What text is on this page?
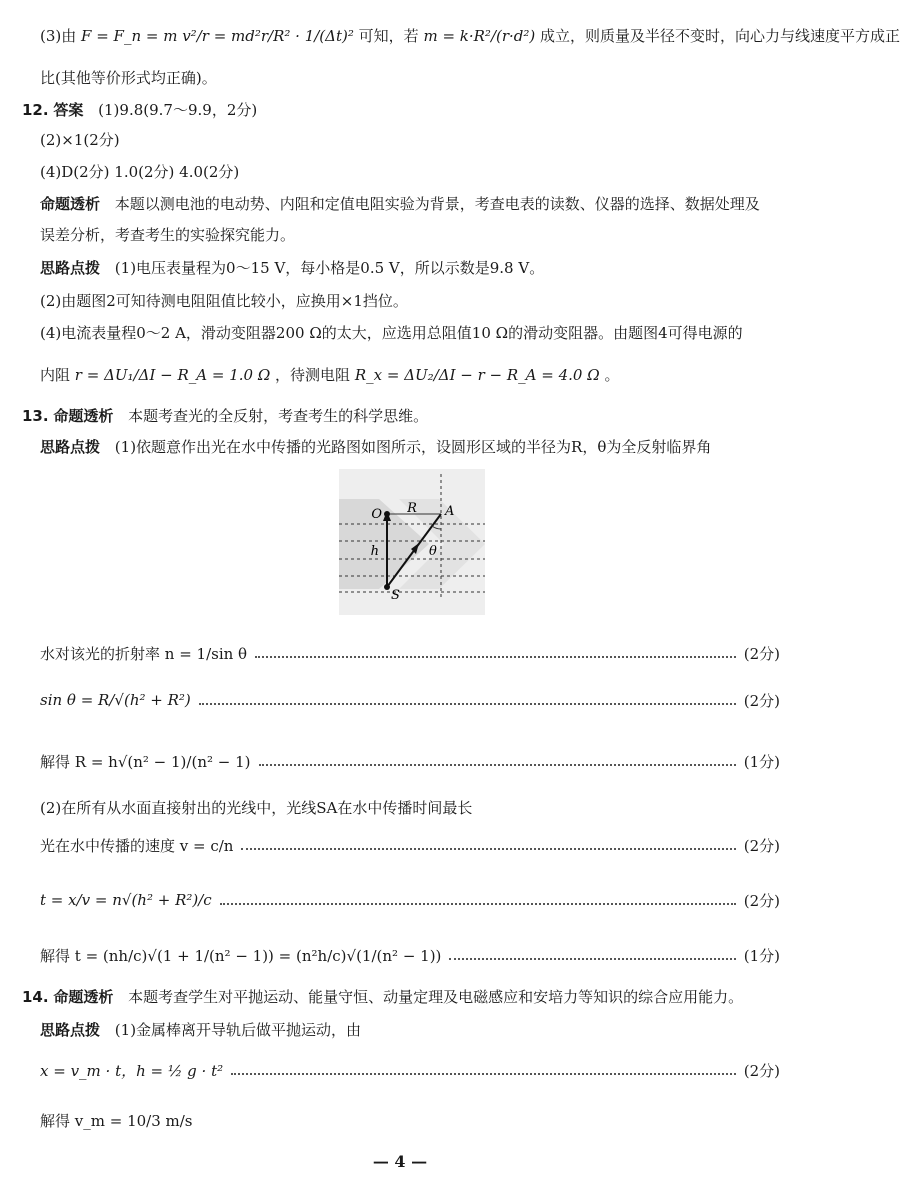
(3)由 F = F_n = m v²/r = md²r/R² · 1/(Δt)² 可知，若 m = k·R²/(r·d²) 成立，则质量及半径不变时，向心力与线速度平方成正
比(其他等价形式均正确)。
12. 答案 (1)9.8(9.7～9.9，2分)
(2)×1(2分)
(4)D(2分) 1.0(2分) 4.0(2分)
命题透析 本题以测电池的电动势、内阻和定值电阻实验为背景，考查电表的读数、仪器的选择、数据处理及
误差分析，考查考生的实验探究能力。
思路点拨 (1)电压表量程为0～15 V，每小格是0.5 V，所以示数是9.8 V。
(2)由题图2可知待测电阻阻值比较小，应换用×1挡位。
(4)电流表量程0～2 A，滑动变阻器200 Ω的太大，应选用总阻值10 Ω的滑动变阻器。由题图4可得电源的
内阻 r = ΔU₁/ΔI − R_A = 1.0 Ω ，待测电阻 R_x = ΔU₂/ΔI − r − R_A = 4.0 Ω 。
13. 命题透析 本题考查光的全反射，考查考生的科学思维。
思路点拨 (1)依题意作出光在水中传播的光路图如图所示，设圆形区域的半径为R，θ为全反射临界角
O R A
h	θ
S
水对该光的折射率 n = 1/sin θ	(2分)
sin θ = R/√(h² + R²)	(2分)
解得 R = h√(n² − 1)/(n² − 1)	(1分)
(2)在所有从水面直接射出的光线中，光线SA在水中传播时间最长
光在水中传播的速度 v = c/n	(2分)
t = x/v = n√(h² + R²)/c	(2分)
解得 t = (nh/c)√(1 + 1/(n² − 1)) = (n²h/c)√(1/(n² − 1))	(1分)
14. 命题透析 本题考查学生对平抛运动、能量守恒、动量定理及电磁感应和安培力等知识的综合应用能力。
思路点拨 (1)金属棒离开导轨后做平抛运动，由
x = v_m · t，h = ½ g · t²	(2分)
解得 v_m = 10/3 m/s
— 4 —
